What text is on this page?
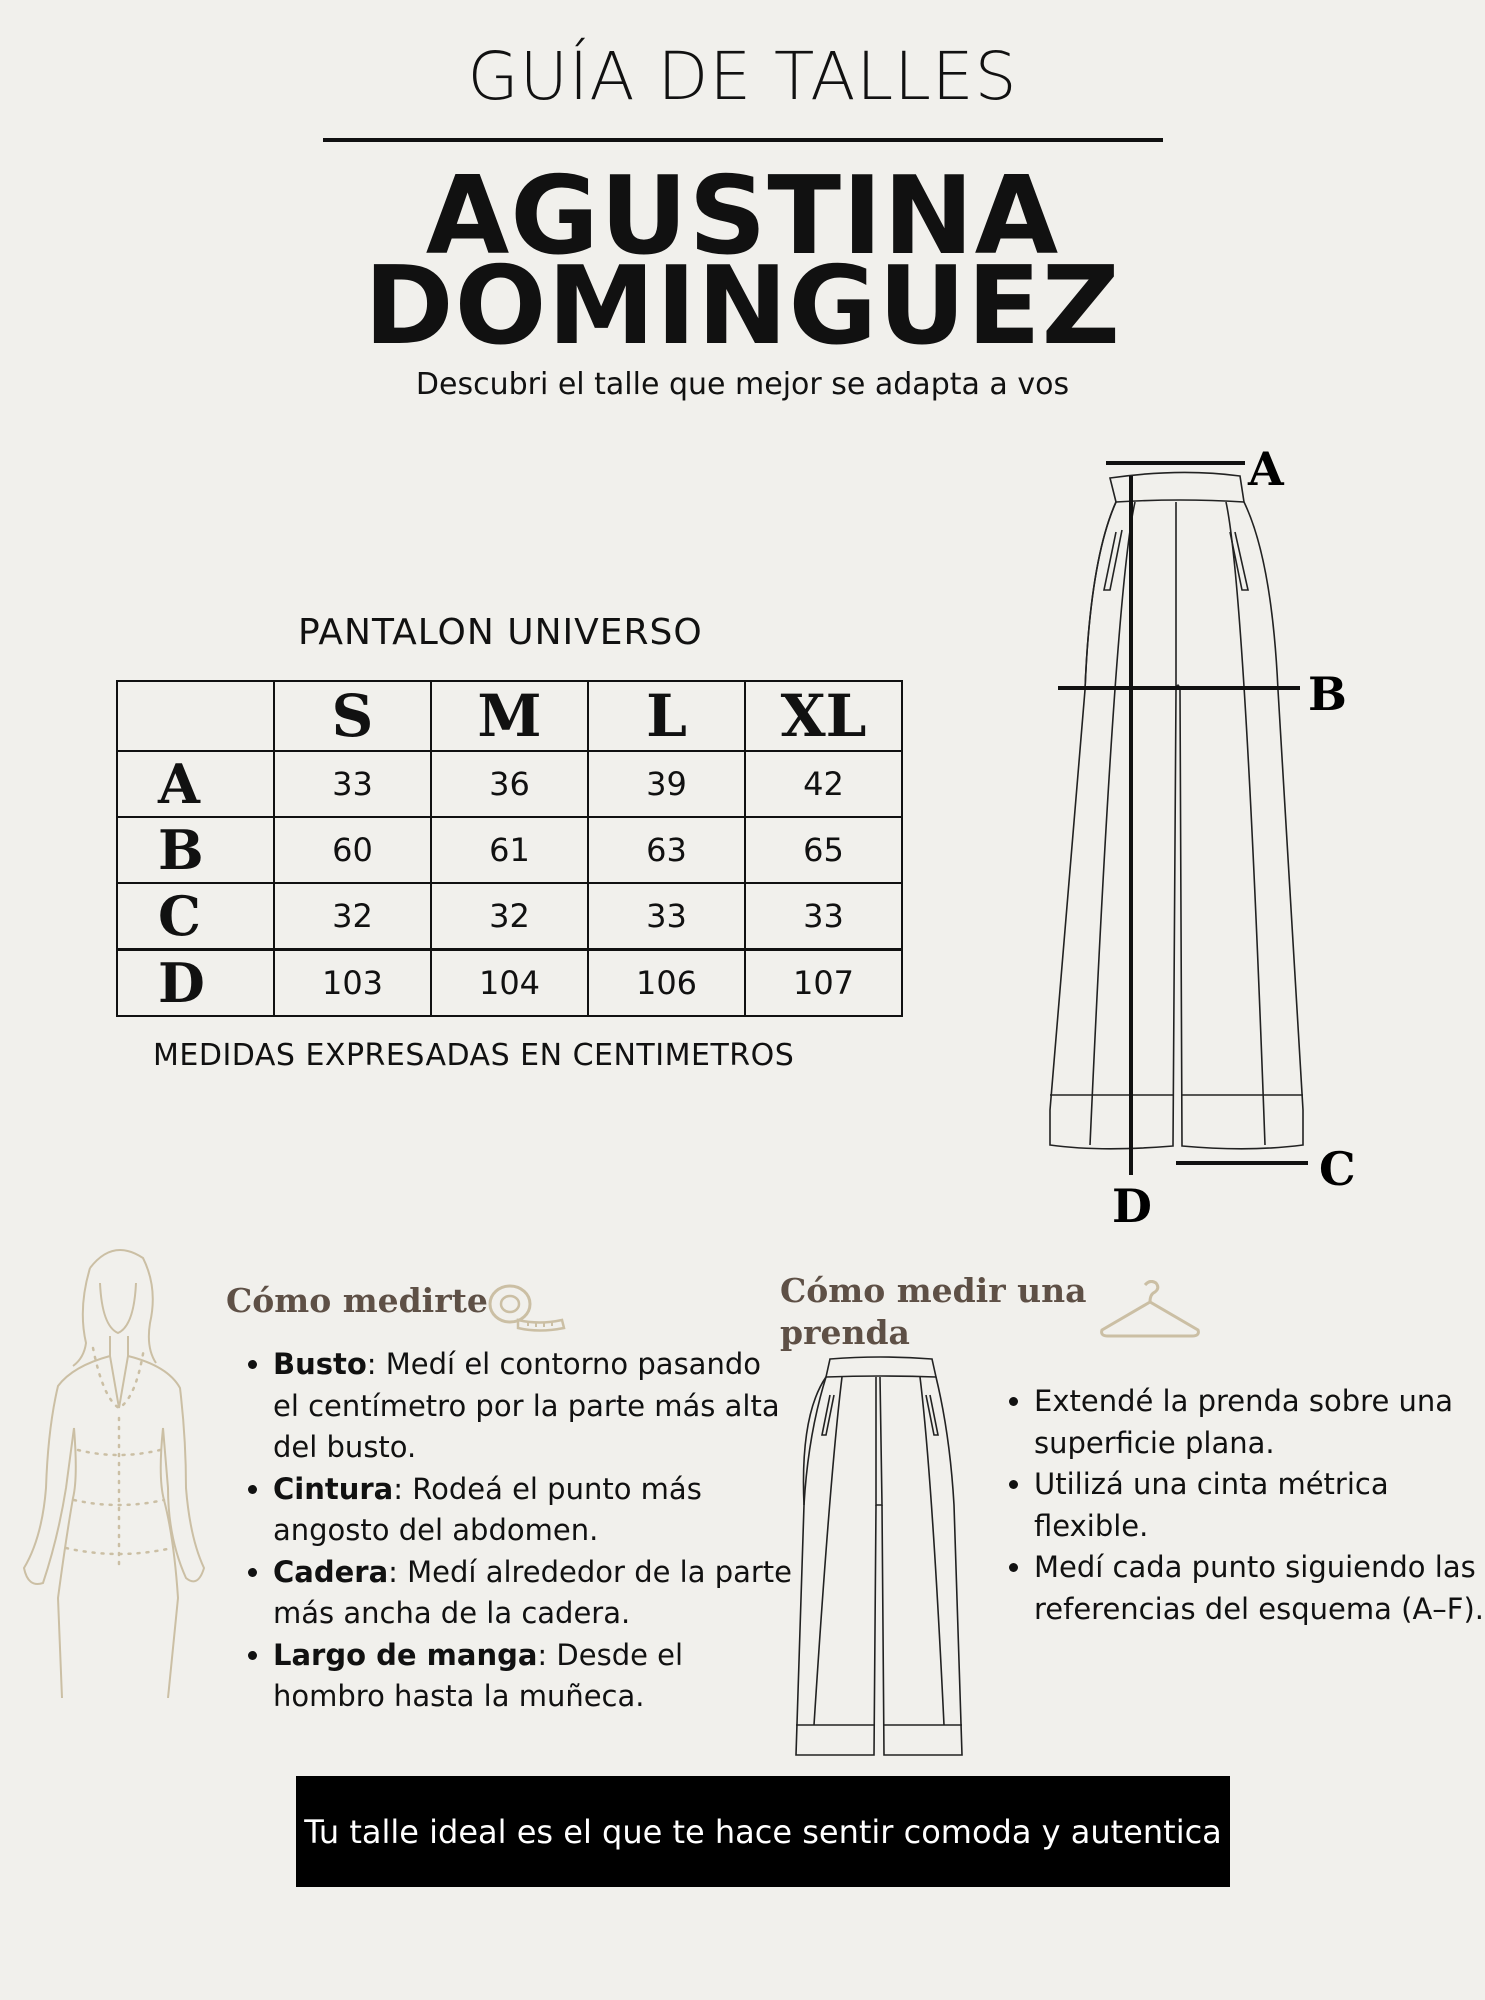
GUÍA DE TALLES
AGUSTINA
DOMINGUEZ
Descubri el talle que mejor se adapta a vos
PANTALON UNIVERSO
	S	M	L	XL
A	33	36	39	42
B	60	61	63	65
C	32	32	33	33
D	103	104	106	107
MEDIDAS EXPRESADAS EN CENTIMETROS
A
B
C
D
Cómo medirte
• Busto: Medí el contorno pasando el centímetro por la parte más alta del busto.
• Cintura: Rodeá el punto más angosto del abdomen.
• Cadera: Medí alrededor de la parte más ancha de la cadera.
• Largo de manga: Desde el hombro hasta la muñeca.
Cómo medir una
prenda
• Extendé la prenda sobre una superficie plana.
• Utilizá una cinta métrica flexible.
• Medí cada punto siguiendo las referencias del esquema (A–F).
Tu talle ideal es el que te hace sentir comoda y autentica
